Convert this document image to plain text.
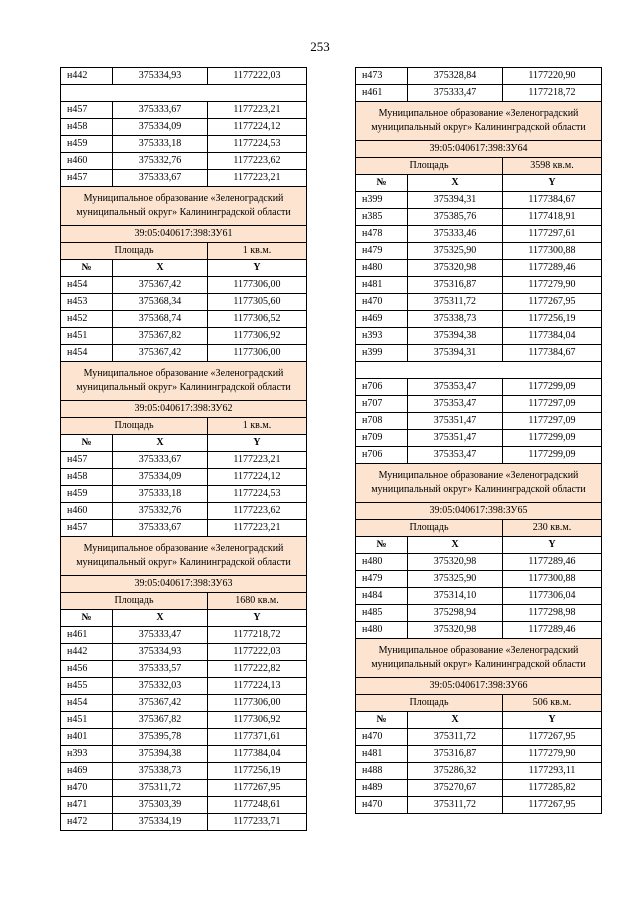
253
н442	375334,93	1177222,03

н457	375333,67	1177223,21
н458	375334,09	1177224,12
н459	375333,18	1177224,53
н460	375332,76	1177223,62
н457	375333,67	1177223,21
Муниципальное образование «Зеленоградский муниципальный округ» Калининградской области		
39:05:040617:398:ЗУ61		
Площадь		1 кв.м.
№	X	Y
н454	375367,42	1177306,00
н453	375368,34	1177305,60
н452	375368,74	1177306,52
н451	375367,82	1177306,92
н454	375367,42	1177306,00
Муниципальное образование «Зеленоградский муниципальный округ» Калининградской области		
39:05:040617:398:ЗУ62		
Площадь		1 кв.м.
№	X	Y
н457	375333,67	1177223,21
н458	375334,09	1177224,12
н459	375333,18	1177224,53
н460	375332,76	1177223,62
н457	375333,67	1177223,21
Муниципальное образование «Зеленоградский муниципальный округ» Калининградской области		
39:05:040617:398:ЗУ63		
Площадь		1680 кв.м.
№	X	Y
н461	375333,47	1177218,72
н442	375334,93	1177222,03
н456	375333,57	1177222,82
н455	375332,03	1177224,13
н454	375367,42	1177306,00
н451	375367,82	1177306,92
н401	375395,78	1177371,61
н393	375394,38	1177384,04
н469	375338,73	1177256,19
н470	375311,72	1177267,95
н471	375303,39	1177248,61
н472	375334,19	1177233,71
н473	375328,84	1177220,90
н461	375333,47	1177218,72
Муниципальное образование «Зеленоградский муниципальный округ» Калининградской области		
39:05:040617:398:ЗУ64		
Площадь		3598 кв.м.
№	X	Y
н399	375394,31	1177384,67
н385	375385,76	1177418,91
н478	375333,46	1177297,61
н479	375325,90	1177300,88
н480	375320,98	1177289,46
н481	375316,87	1177279,90
н470	375311,72	1177267,95
н469	375338,73	1177256,19
н393	375394,38	1177384,04
н399	375394,31	1177384,67

н706	375353,47	1177299,09
н707	375353,47	1177297,09
н708	375351,47	1177297,09
н709	375351,47	1177299,09
н706	375353,47	1177299,09
Муниципальное образование «Зеленоградский муниципальный округ» Калининградской области		
39:05:040617:398:ЗУ65		
Площадь		230 кв.м.
№	X	Y
н480	375320,98	1177289,46
н479	375325,90	1177300,88
н484	375314,10	1177306,04
н485	375298,94	1177298,98
н480	375320,98	1177289,46
Муниципальное образование «Зеленоградский муниципальный округ» Калининградской области		
39:05:040617:398:ЗУ66		
Площадь		506 кв.м.
№	X	Y
н470	375311,72	1177267,95
н481	375316,87	1177279,90
н488	375286,32	1177293,11
н489	375270,67	1177285,82
н470	375311,72	1177267,95
